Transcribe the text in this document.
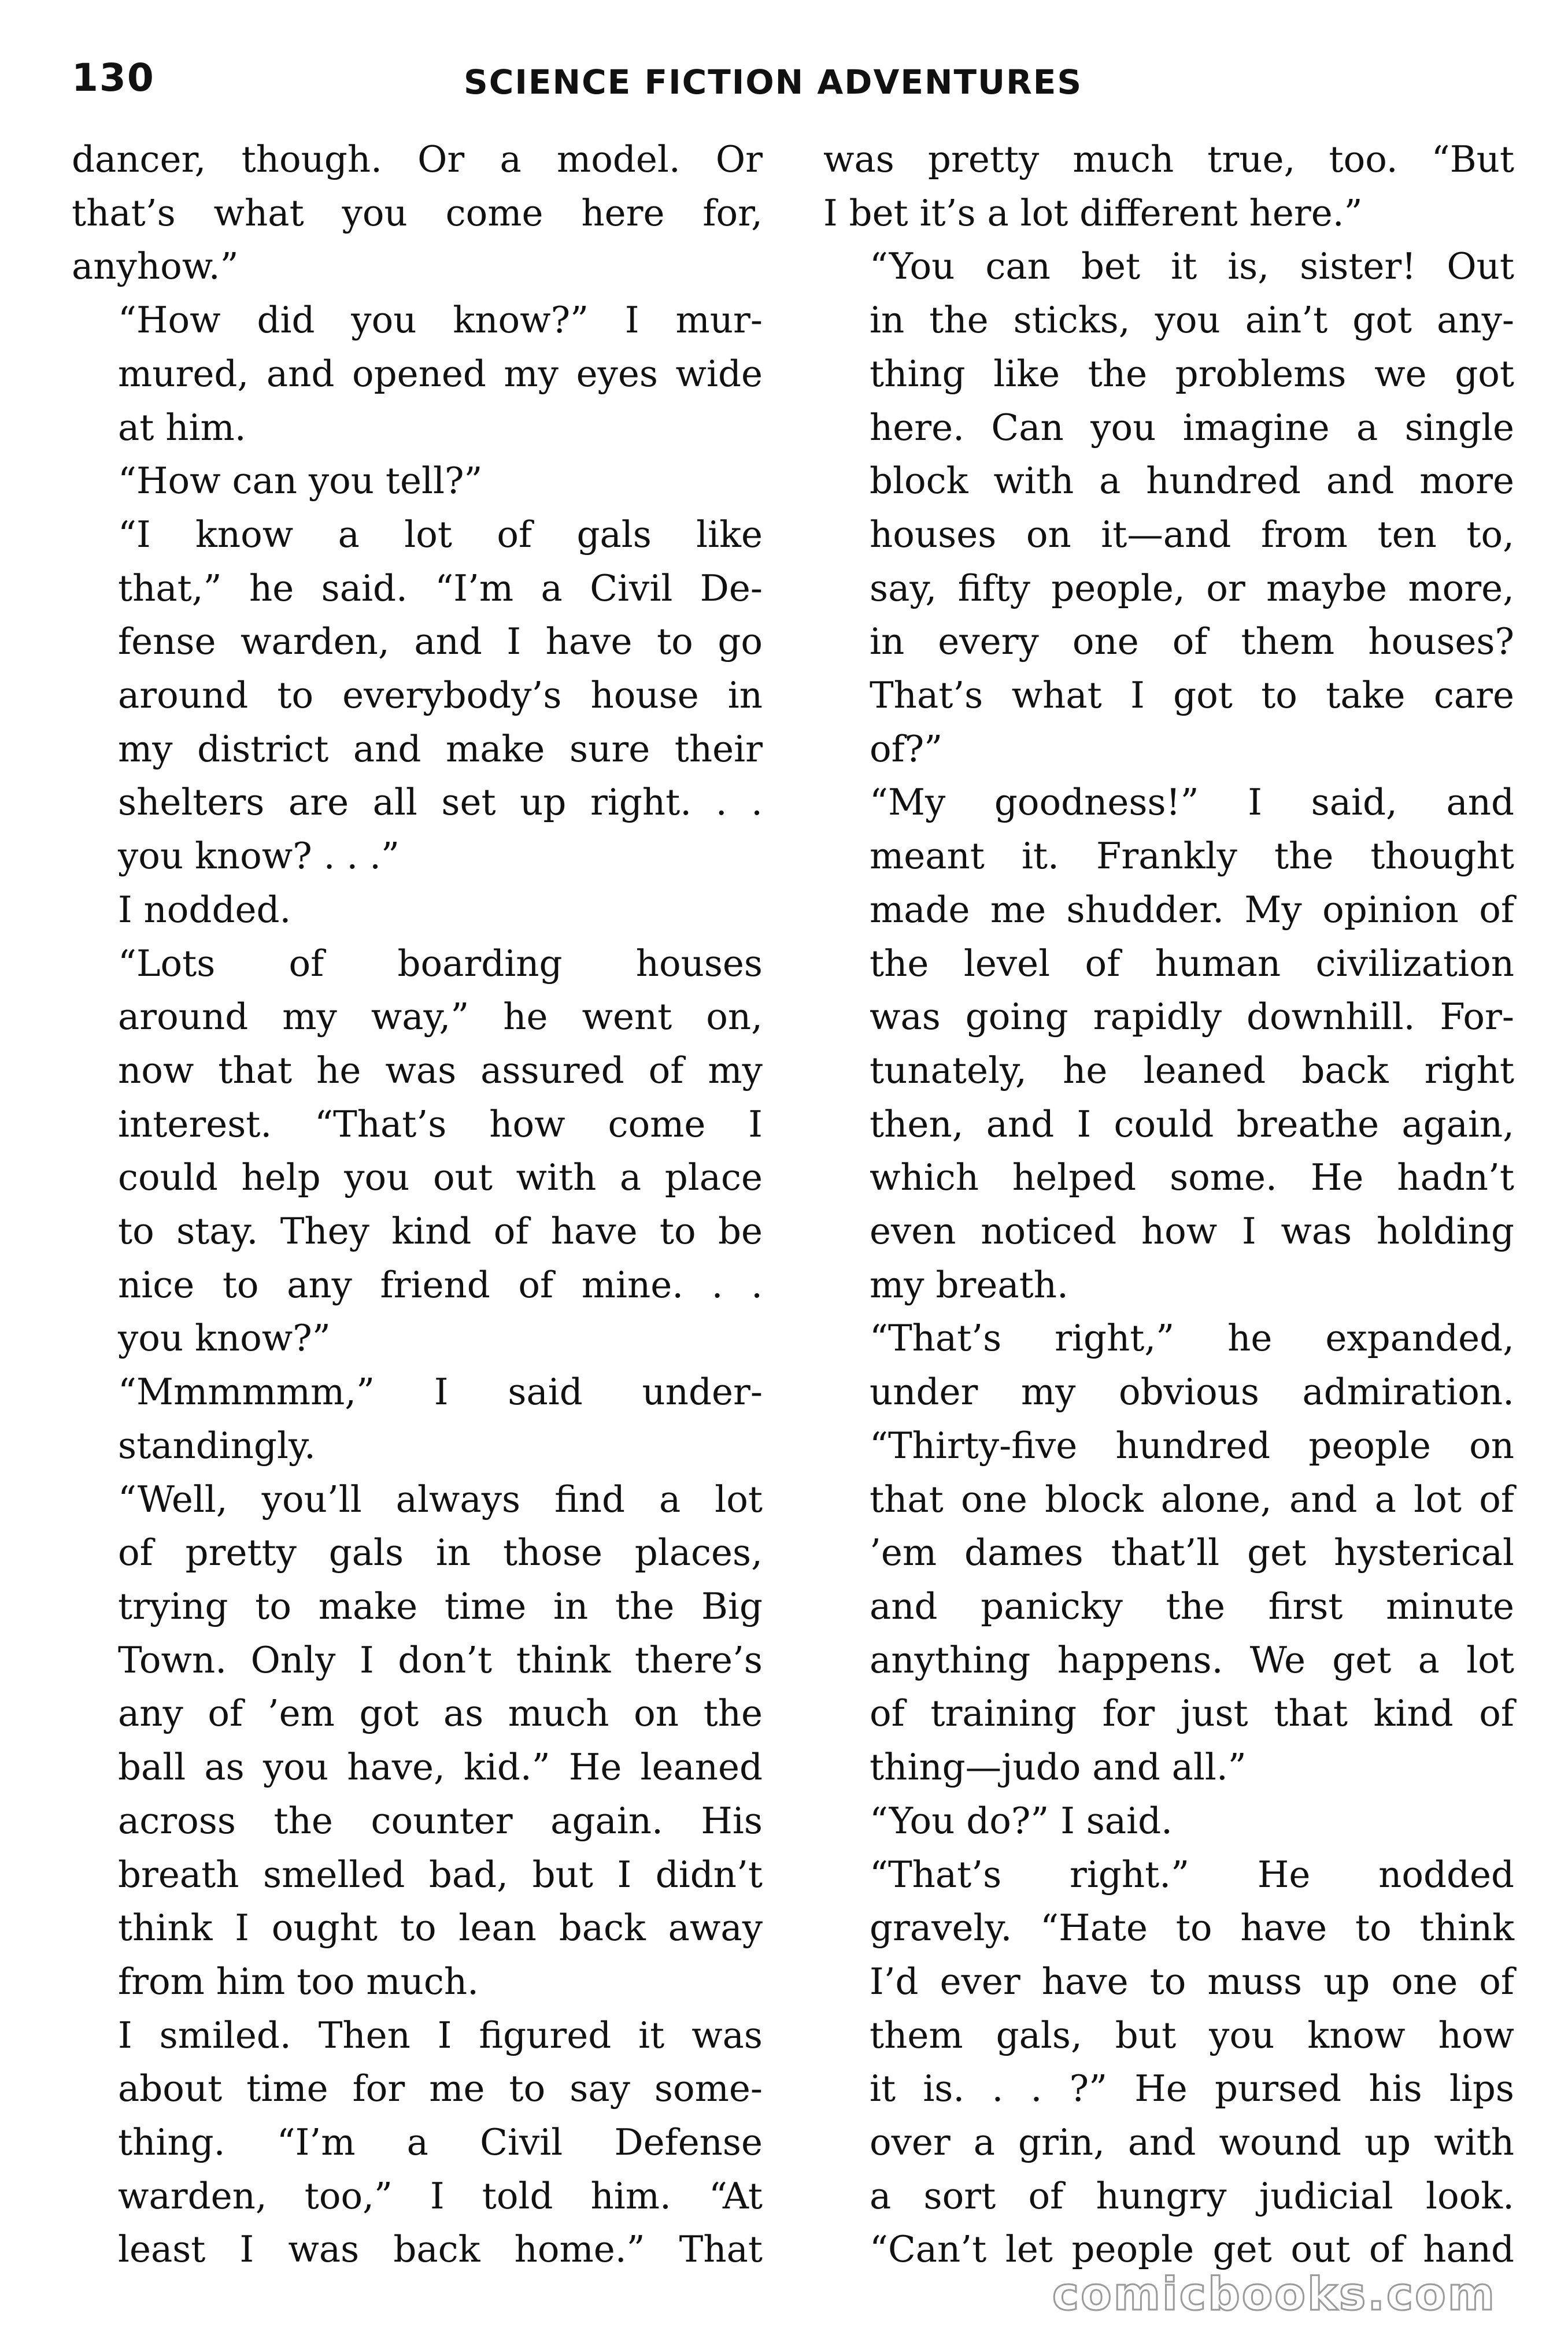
130	SCIENCE FICTION ADVENTURES

dancer, though. Or a model. Or
that’s what you come here for,
anyhow.”

“How did you know?” I mur-
mured, and opened my eyes wide
at him.

“How can you tell?”

“I know a lot of gals like
that,” he said. “I’m a Civil De-
fense warden, and I have to go
around to everybody’s house in
my district and make sure their
shelters are all set up right. . .
you know? . . .”

I nodded.

“Lots of boarding houses
around my way,” he went on,
now that he was assured of my
interest. “That’s how come I
could help you out with a place
to stay. They kind of have to be
nice to any friend of mine. . .
you know?”

“Mmmmmm,” I said under-
standingly.

“Well, you’ll always find a lot
of pretty gals in those places,
trying to make time in the Big
Town. Only I don’t think there’s
any of ’em got as much on the
ball as you have, kid.” He leaned
across the counter again. His
breath smelled bad, but I didn’t
think I ought to lean back away
from him too much.

I smiled. Then I figured it was
about time for me to say some-
thing. “I’m a Civil Defense
warden, too,” I told him. “At
least I was back home.” That

was pretty much true, too. “But
I bet it’s a lot different here.”

“You can bet it is, sister! Out
in the sticks, you ain’t got any-
thing like the problems we got
here. Can you imagine a single
block with a hundred and more
houses on it—and from ten to,
say, fifty people, or maybe more,
in every one of them houses?
That’s what I got to take care
of?”

“My goodness!” I said, and
meant it. Frankly the thought
made me shudder. My opinion of
the level of human civilization
was going rapidly downhill. For-
tunately, he leaned back right
then, and I could breathe again,
which helped some. He hadn’t
even noticed how I was holding
my breath.

“That’s right,” he expanded,
under my obvious admiration.
“Thirty-five hundred people on
that one block alone, and a lot of
’em dames that’ll get hysterical
and panicky the first minute
anything happens. We get a lot
of training for just that kind of
thing—judo and all.”

“You do?” I said.

“That’s right.” He nodded
gravely. “Hate to have to think
I’d ever have to muss up one of
them gals, but you know how
it is. . . ?” He pursed his lips
over a grin, and wound up with
a sort of hungry judicial look.
“Can’t let people get out of hand

comicbooks.com
